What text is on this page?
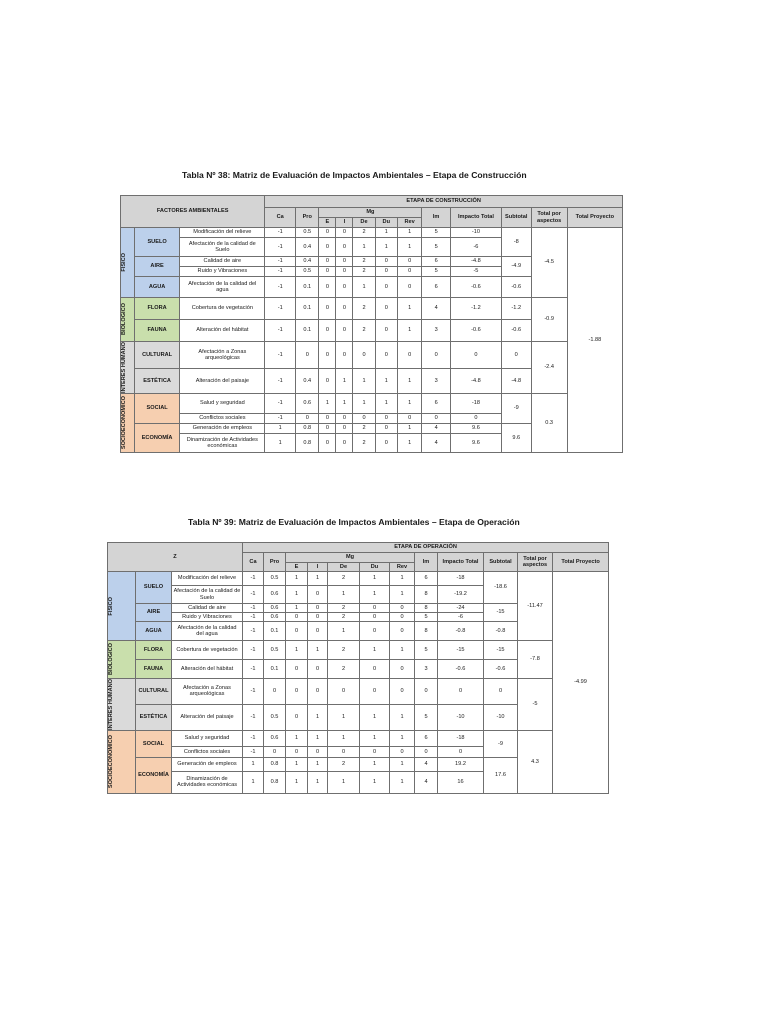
Tabla Nº 38: Matriz de Evaluación de Impactos Ambientales – Etapa de Construcción
FACTORES AMBIENTALES			ETAPA DE CONSTRUCCIÓN											
			Ca	Pro	Mg					Im	Impacto Total	Subtotal	Total por aspectos	Total Proyecto
					E	I	De	Du	Rev					

FÍSICO	SUELO	Modificación del relieve	-1	0.5	0	0	2	1	1	5	-10	-8	-4.5	-1.88
		Afectación de la calidad de Suelo	-1	0.4	0	0	1	1	1	5	-6			
	AIRE	Calidad de aire	-1	0.4	0	0	2	0	0	6	-4.8	-4.9		
		Ruido y Vibraciones	-1	0.5	0	0	2	0	0	5	-5			
	AGUA	Afectación de la calidad del agua	-1	0.1	0	0	1	0	0	6	-0.6	-0.6		

BIOLÓGICO	FLORA	Cobertura de vegetación	-1	0.1	0	0	2	0	1	4	-1.2	-1.2	-0.9	
	FAUNA	Alteración del hábitat	-1	0.1	0	0	2	0	1	3	-0.6	-0.6		

INTERÉS HUMANO	CULTURAL	Afectación a Zonas arqueológicas	-1	0	0	0	0	0	0	0	0	0	-2.4	
	ESTÉTICA	Alteración del paisaje	-1	0.4	0	1	1	1	1	3	-4.8	-4.8		

SOCIOECONÓMICO	SOCIAL	Salud y seguridad	-1	0.6	1	1	1	1	1	6	-18	-9	0.3	
		Conflictos sociales	-1	0	0	0	0	0	0	0	0			
	ECONOMÍA	Generación de empleos	1	0.8	0	0	2	0	1	4	9.6	9.6		
		Dinamización de Actividades económicas	1	0.8	0	0	2	0	1	4	9.6			
Tabla Nº 39: Matriz de Evaluación de Impactos Ambientales – Etapa de Operación
Z			ETAPA DE OPERACIÓN											
			Ca	Pro	Mg					Im	Impacto Total	Subtotal	Total por aspectos	Total Proyecto
					E	I	De	Du	Rev					

FÍSICO	SUELO	Modificación del relieve	-1	0.5	1	1	2	1	1	6	-18	-18.6	-11.47	-4.99
		Afectación de la calidad de Suelo	-1	0.6	1	0	1	1	1	8	-19.2			
	AIRE	Calidad de aire	-1	0.6	1	0	2	0	0	8	-24	-15		
		Ruido y Vibraciones	-1	0.6	0	0	2	0	0	5	-6			
	AGUA	Afectación de la calidad del agua	-1	0.1	0	0	1	0	0	8	-0.8	-0.8		

BIOLÓGICO	FLORA	Cobertura de vegetación	-1	0.5	1	1	2	1	1	5	-15	-15	-7.8	
	FAUNA	Alteración del hábitat	-1	0.1	0	0	2	0	0	3	-0.6	-0.6		

INTERÉS HUMANO	CULTURAL	Afectación a Zonas arqueológicas	-1	0	0	0	0	0	0	0	0	0	-5	
	ESTÉTICA	Alteración del paisaje	-1	0.5	0	1	1	1	1	5	-10	-10		

SOCIOECONÓMICO	SOCIAL	Salud y seguridad	-1	0.6	1	1	1	1	1	6	-18	-9	4.3	
		Conflictos sociales	-1	0	0	0	0	0	0	0	0			
	ECONOMÍA	Generación de empleos	1	0.8	1	1	2	1	1	4	19.2	17.6		
		Dinamización de Actividades económicas	1	0.8	1	1	1	1	1	4	16			
